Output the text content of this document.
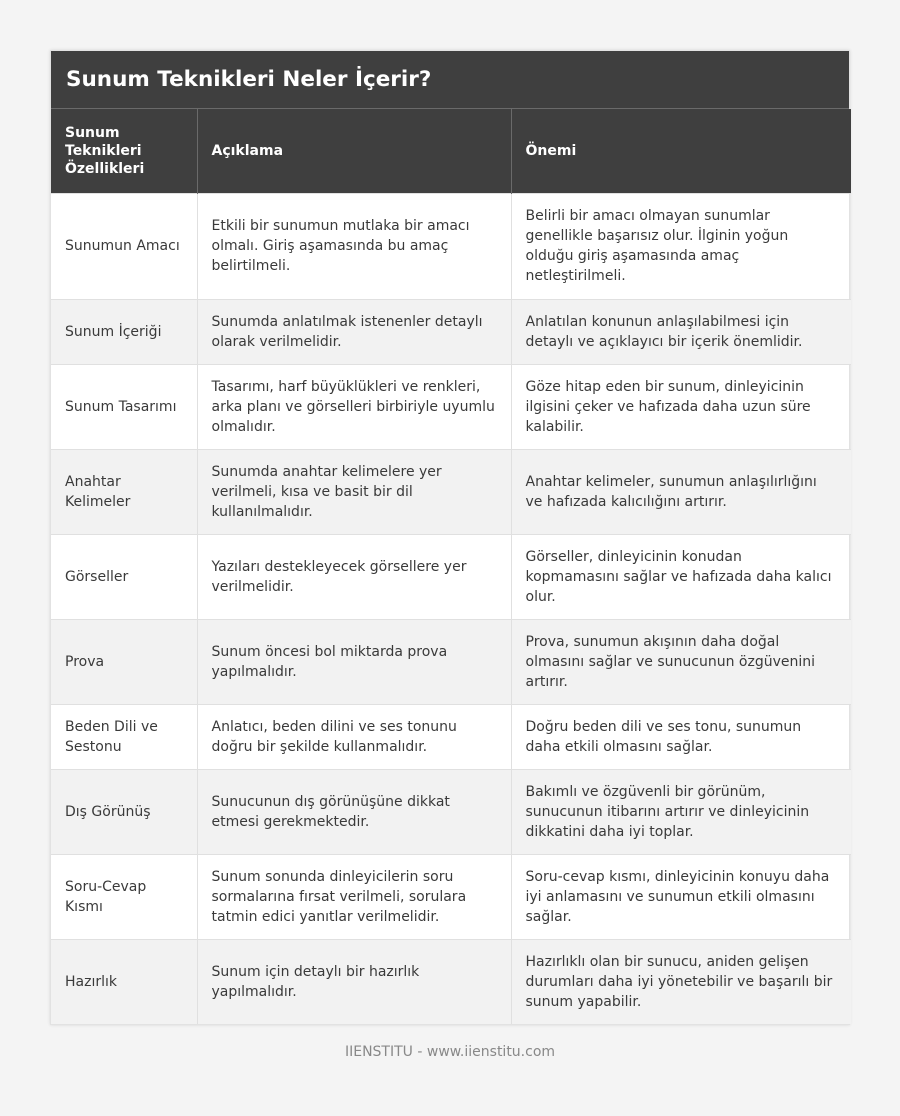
Sunum Teknikleri Neler İçerir?
Sunum Teknikleri Özellikleri	Açıklama	Önemi
Sunumun Amacı	Etkili bir sunumun mutlaka bir amacı olmalı. Giriş aşamasında bu amaç belirtilmeli.	Belirli bir amacı olmayan sunumlar genellikle başarısız olur. İlginin yoğun olduğu giriş aşamasında amaç netleştirilmeli.
Sunum İçeriği	Sunumda anlatılmak istenenler detaylı olarak verilmelidir.	Anlatılan konunun anlaşılabilmesi için detaylı ve açıklayıcı bir içerik önemlidir.
Sunum Tasarımı	Tasarımı, harf büyüklükleri ve renkleri, arka planı ve görselleri birbiriyle uyumlu olmalıdır.	Göze hitap eden bir sunum, dinleyicinin ilgisini çeker ve hafızada daha uzun süre kalabilir.
Anahtar Kelimeler	Sunumda anahtar kelimelere yer verilmeli, kısa ve basit bir dil kullanılmalıdır.	Anahtar kelimeler, sunumun anlaşılırlığını ve hafızada kalıcılığını artırır.
Görseller	Yazıları destekleyecek görsellere yer verilmelidir.	Görseller, dinleyicinin konudan kopmamasını sağlar ve hafızada daha kalıcı olur.
Prova	Sunum öncesi bol miktarda prova yapılmalıdır.	Prova, sunumun akışının daha doğal olmasını sağlar ve sunucunun özgüvenini artırır.
Beden Dili ve Sestonu	Anlatıcı, beden dilini ve ses tonunu doğru bir şekilde kullanmalıdır.	Doğru beden dili ve ses tonu, sunumun daha etkili olmasını sağlar.
Dış Görünüş	Sunucunun dış görünüşüne dikkat etmesi gerekmektedir.	Bakımlı ve özgüvenli bir görünüm, sunucunun itibarını artırır ve dinleyicinin dikkatini daha iyi toplar.
Soru-Cevap Kısmı	Sunum sonunda dinleyicilerin soru sormalarına fırsat verilmeli, sorulara tatmin edici yanıtlar verilmelidir.	Soru-cevap kısmı, dinleyicinin konuyu daha iyi anlamasını ve sunumun etkili olmasını sağlar.
Hazırlık	Sunum için detaylı bir hazırlık yapılmalıdır.	Hazırlıklı olan bir sunucu, aniden gelişen durumları daha iyi yönetebilir ve başarılı bir sunum yapabilir.
IIENSTITU - www.iienstitu.com
